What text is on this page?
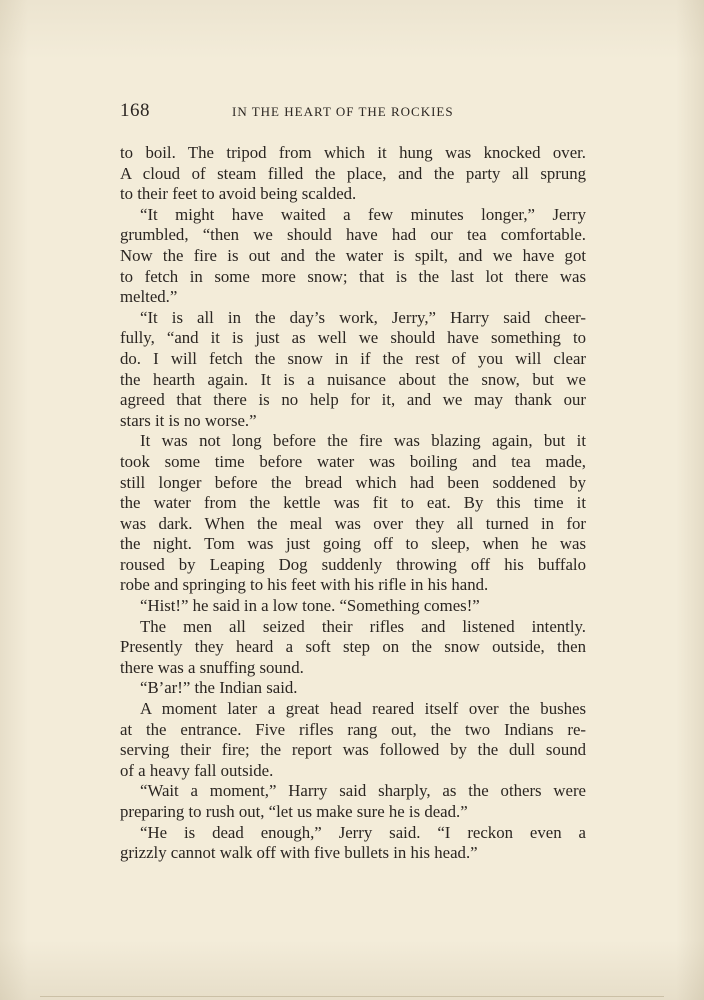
168	IN THE HEART OF THE ROCKIES
to boil. The tripod from which it hung was knocked over.
A cloud of steam filled the place, and the party all sprung
to their feet to avoid being scalded.
“It might have waited a few minutes longer,” Jerry
grumbled, “then we should have had our tea comfortable.
Now the fire is out and the water is spilt, and we have got
to fetch in some more snow; that is the last lot there was
melted.”
“It is all in the day’s work, Jerry,” Harry said cheer-
fully, “and it is just as well we should have something to
do. I will fetch the snow in if the rest of you will clear
the hearth again. It is a nuisance about the snow, but we
agreed that there is no help for it, and we may thank our
stars it is no worse.”
It was not long before the fire was blazing again, but it
took some time before water was boiling and tea made,
still longer before the bread which had been soddened by
the water from the kettle was fit to eat. By this time it
was dark. When the meal was over they all turned in for
the night. Tom was just going off to sleep, when he was
roused by Leaping Dog suddenly throwing off his buffalo
robe and springing to his feet with his rifle in his hand.
“Hist!” he said in a low tone. “Something comes!”
The men all seized their rifles and listened intently.
Presently they heard a soft step on the snow outside, then
there was a snuffing sound.
“B’ar!” the Indian said.
A moment later a great head reared itself over the bushes
at the entrance. Five rifles rang out, the two Indians re-
serving their fire; the report was followed by the dull sound
of a heavy fall outside.
“Wait a moment,” Harry said sharply, as the others were
preparing to rush out, “let us make sure he is dead.”
“He is dead enough,” Jerry said. “I reckon even a
grizzly cannot walk off with five bullets in his head.”
